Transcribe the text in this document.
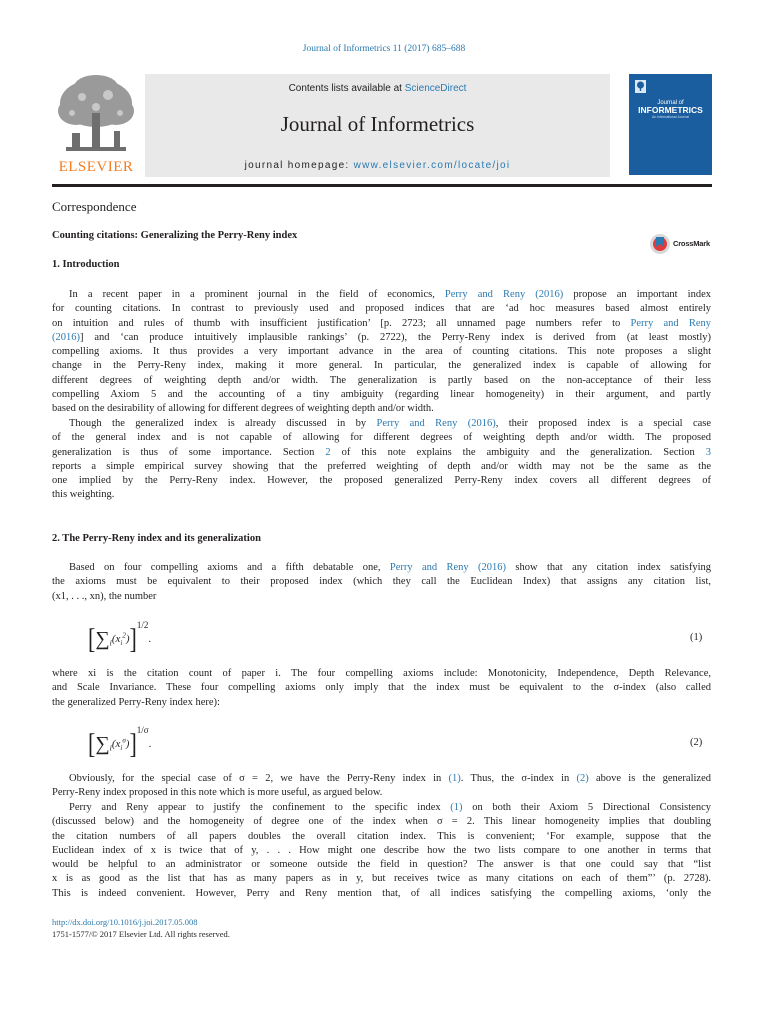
Journal of Informetrics 11 (2017) 685–688
ELSEVIER
Contents lists available at ScienceDirect
Journal of Informetrics
journal homepage: www.elsevier.com/locate/joi
Journal of
INFORMETRICS
An International Journal
Correspondence
Counting citations: Generalizing the Perry-Reny index
CrossMark
1. Introduction

In a recent paper in a prominent journal in the field of economics, Perry and Reny (2016) propose an important index
for counting citations. In contrast to previously used and proposed indices that are ‘ad hoc measures based almost entirely
on intuition and rules of thumb with insufficient justification’ [p. 2723; all unnamed page numbers refer to Perry and Reny
(2016)] and ‘can produce intuitively implausible rankings’ (p. 2722), the Perry-Reny index is derived from (at least mostly)
compelling axioms. It thus provides a very important advance in the area of counting citations. This note proposes a slight
change in the Perry-Reny index, making it more general. In particular, the generalized index is capable of allowing for
different degrees of weighting depth and/or width. The generalization is partly based on the non-acceptance of their less
compelling Axiom 5 and the accounting of a tiny ambiguity (regarding linear homogeneity) in their argument, and partly
based on the desirability of allowing for different degrees of weighting depth and/or width.

Though the generalized index is already discussed in by Perry and Reny (2016), their proposed index is a special case
of the general index and is not capable of allowing for different degrees of weighting depth and/or width. The proposed
generalization is thus of some importance. Section 2 of this note explains the ambiguity and the generalization. Section 3
reports a simple empirical survey showing that the preferred weighting of depth and/or width may not be the same as the
one implied by the Perry-Reny index. However, the proposed generalized Perry-Reny index covers all different degrees of
this weighting.

2. The Perry-Reny index and its generalization

Based on four compelling axioms and a fifth debatable one, Perry and Reny (2016) show that any citation index satisfying
the axioms must be equivalent to their proposed index (which they call the Euclidean Index) that assigns any citation list,
(x1, . . ., xn), the number

$[\sum_i(x_i^2)]^{1/2}$.	(1)

where xi is the citation count of paper i. The four compelling axioms include: Monotonicity, Independence, Depth Relevance,
and Scale Invariance. These four compelling axioms only imply that the index must be equivalent to the σ-index (also called
the generalized Perry-Reny index here):

$[\sum_i(x_i^\sigma)]^{1/\sigma}$.	(2)

Obviously, for the special case of σ = 2, we have the Perry-Reny index in (1). Thus, the σ-index in (2) above is the generalized
Perry-Reny index proposed in this note which is more useful, as argued below.

Perry and Reny appear to justify the confinement to the specific index (1) on both their Axiom 5 Directional Consistency
(discussed below) and the homogeneity of degree one of the index when σ = 2. This linear homogeneity implies that doubling
the citation numbers of all papers doubles the overall citation index. This is convenient; ‘For example, suppose that the
Euclidean index of x is twice that of y, . . . How might one describe how the two lists compare to one another in terms that
would be helpful to an administrator or someone outside the field in question? The answer is that one could say that “list
x is as good as the list that has as many papers as in y, but receives twice as many citations on each of them”’ (p. 2728).
This is indeed convenient. However, Perry and Reny mention that, of all indices satisfying the compelling axioms, ‘only the

http://dx.doi.org/10.1016/j.joi.2017.05.008
1751-1577/© 2017 Elsevier Ltd. All rights reserved.
